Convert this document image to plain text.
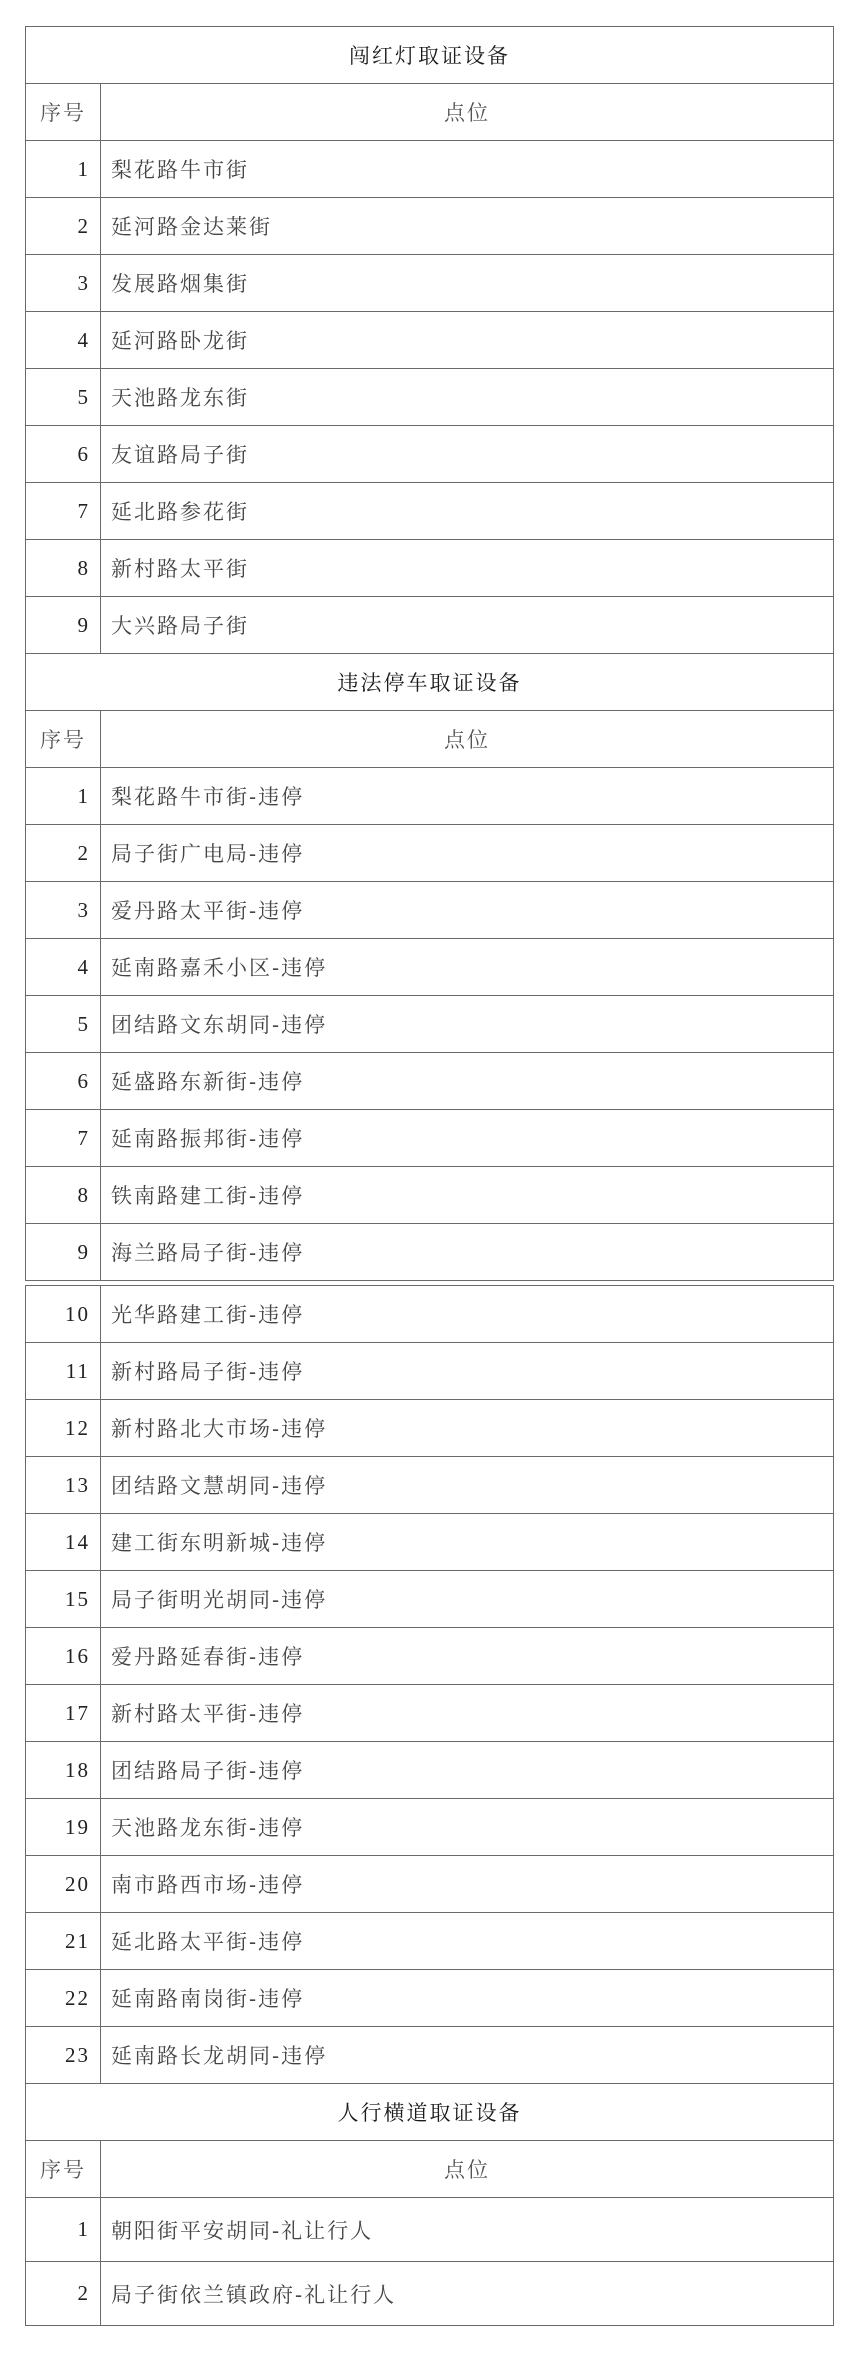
闯红灯取证设备	
序号	点位
1	梨花路牛市街
2	延河路金达莱街
3	发展路烟集街
4	延河路卧龙街
5	天池路龙东街
6	友谊路局子街
7	延北路参花街
8	新村路太平街
9	大兴路局子街
违法停车取证设备	
序号	点位
1	梨花路牛市街-违停
2	局子街广电局-违停
3	爱丹路太平街-违停
4	延南路嘉禾小区-违停
5	团结路文东胡同-违停
6	延盛路东新街-违停
7	延南路振邦街-违停
8	铁南路建工街-违停
9	海兰路局子街-违停
10	光华路建工街-违停
11	新村路局子街-违停
12	新村路北大市场-违停
13	团结路文慧胡同-违停
14	建工街东明新城-违停
15	局子街明光胡同-违停
16	爱丹路延春街-违停
17	新村路太平街-违停
18	团结路局子街-违停
19	天池路龙东街-违停
20	南市路西市场-违停
21	延北路太平街-违停
22	延南路南岗街-违停
23	延南路长龙胡同-违停
人行横道取证设备	
序号	点位
1	朝阳街平安胡同-礼让行人
2	局子街依兰镇政府-礼让行人
